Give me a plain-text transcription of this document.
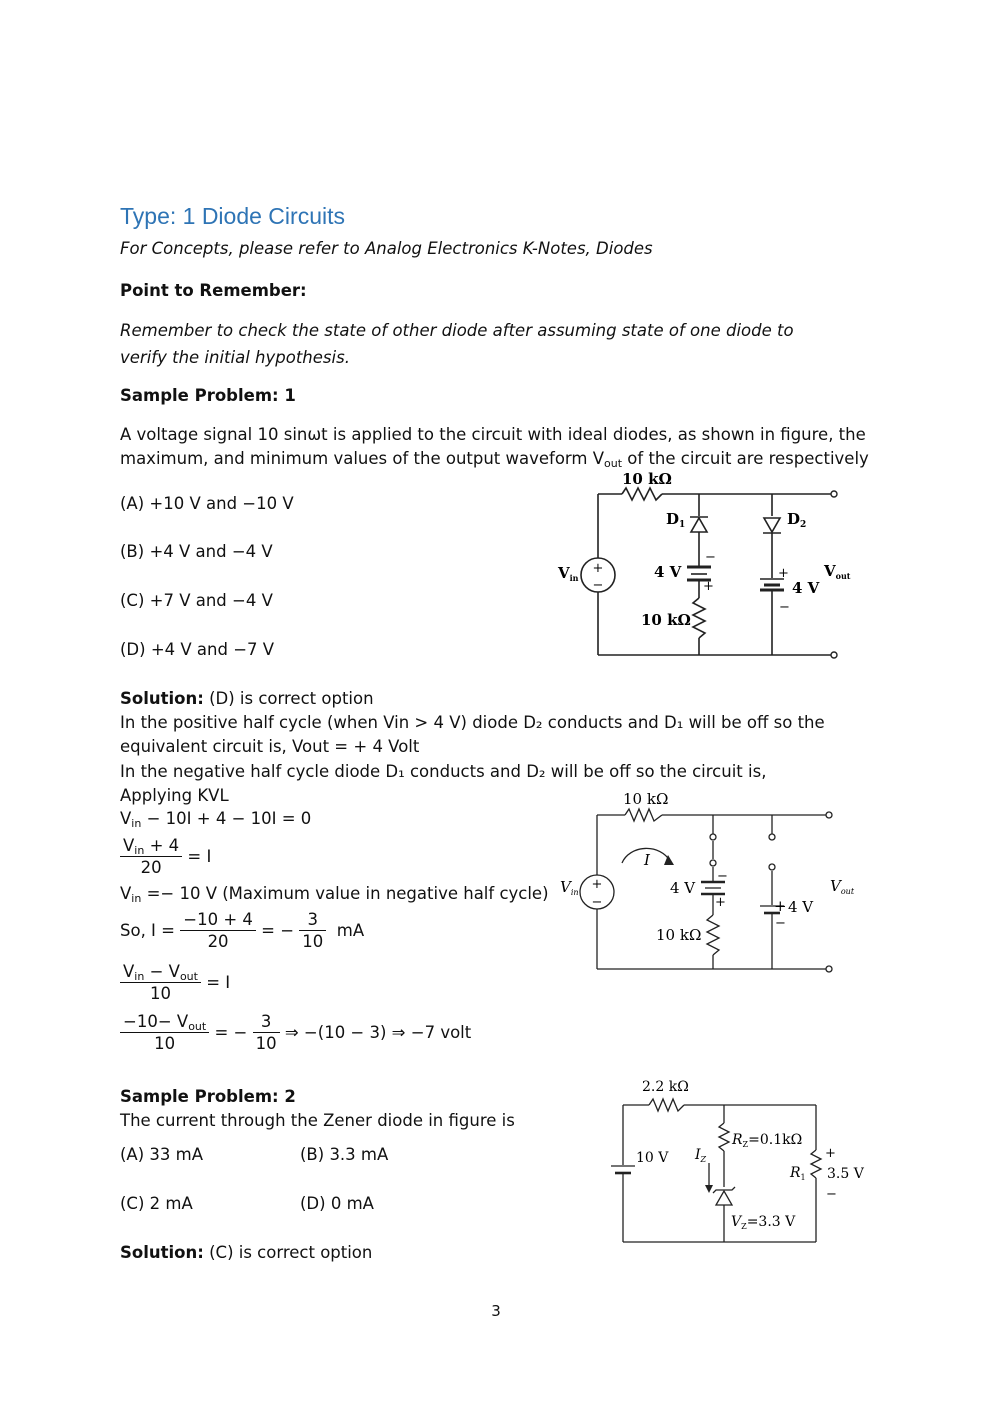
Type: 1 Diode Circuits
For Concepts, please refer to Analog Electronics K-Notes, Diodes
Point to Remember:
Remember to check the state of other diode after assuming state of one diode to verify the initial hypothesis.
Sample Problem: 1
A voltage signal 10 sinωt is applied to the circuit with ideal diodes, as shown in figure, the
maximum, and minimum values of the output waveform $V_{out}$ of the circuit are respectively
(A) +10 V and −10 V
(B) +4 V and −4 V
(C) +7 V and −4 V
(D) +4 V and −7 V
+
−
10 kΩ
$D_1$	$D_2$
$V_{in}$	4 V
−
+
10 kΩ
+
−
4 V
$V_{out}$
Solution: (D) is correct option
In the positive half cycle (when Vin > 4 V) diode D₂ conducts and D₁ will be off so the
equivalent circuit is, Vout = + 4 Volt
In the negative half cycle diode D₁ conducts and D₂ will be off so the circuit is,
Applying KVL
$V_{in} - 10I + 4 - 10I = 0$
$\frac{V_{in} + 4}{20} = I$
$V_{in} =- 10$ V (Maximum value in negative half cycle)
So, $I = \frac{-10 + 4}{20}$ = − $\frac{3}{10}$ mA
$\frac{V_{in} - V_{out}}{10} = I$
$\frac{-10- V_{out}}{10}$ = − $\frac{3}{10}$ ⇒ −(10 − 3) ⇒ −7 volt
+
−
10 kΩ
I
$V_{in}$	4 V
−
+
10 kΩ
+ 4 V
−
$V_{out}$
Sample Problem: 2
The current through the Zener diode in figure is
(A) 33 mA	(B) 3.3 mA
(C) 2 mA	(D) 0 mA
2.2 kΩ
10 V $I_Z$
$R_Z=0.1k\Omega$
$V_Z=3.3$ V
$R_1$
+
3.5 V
−
Solution: (C) is correct option
3
